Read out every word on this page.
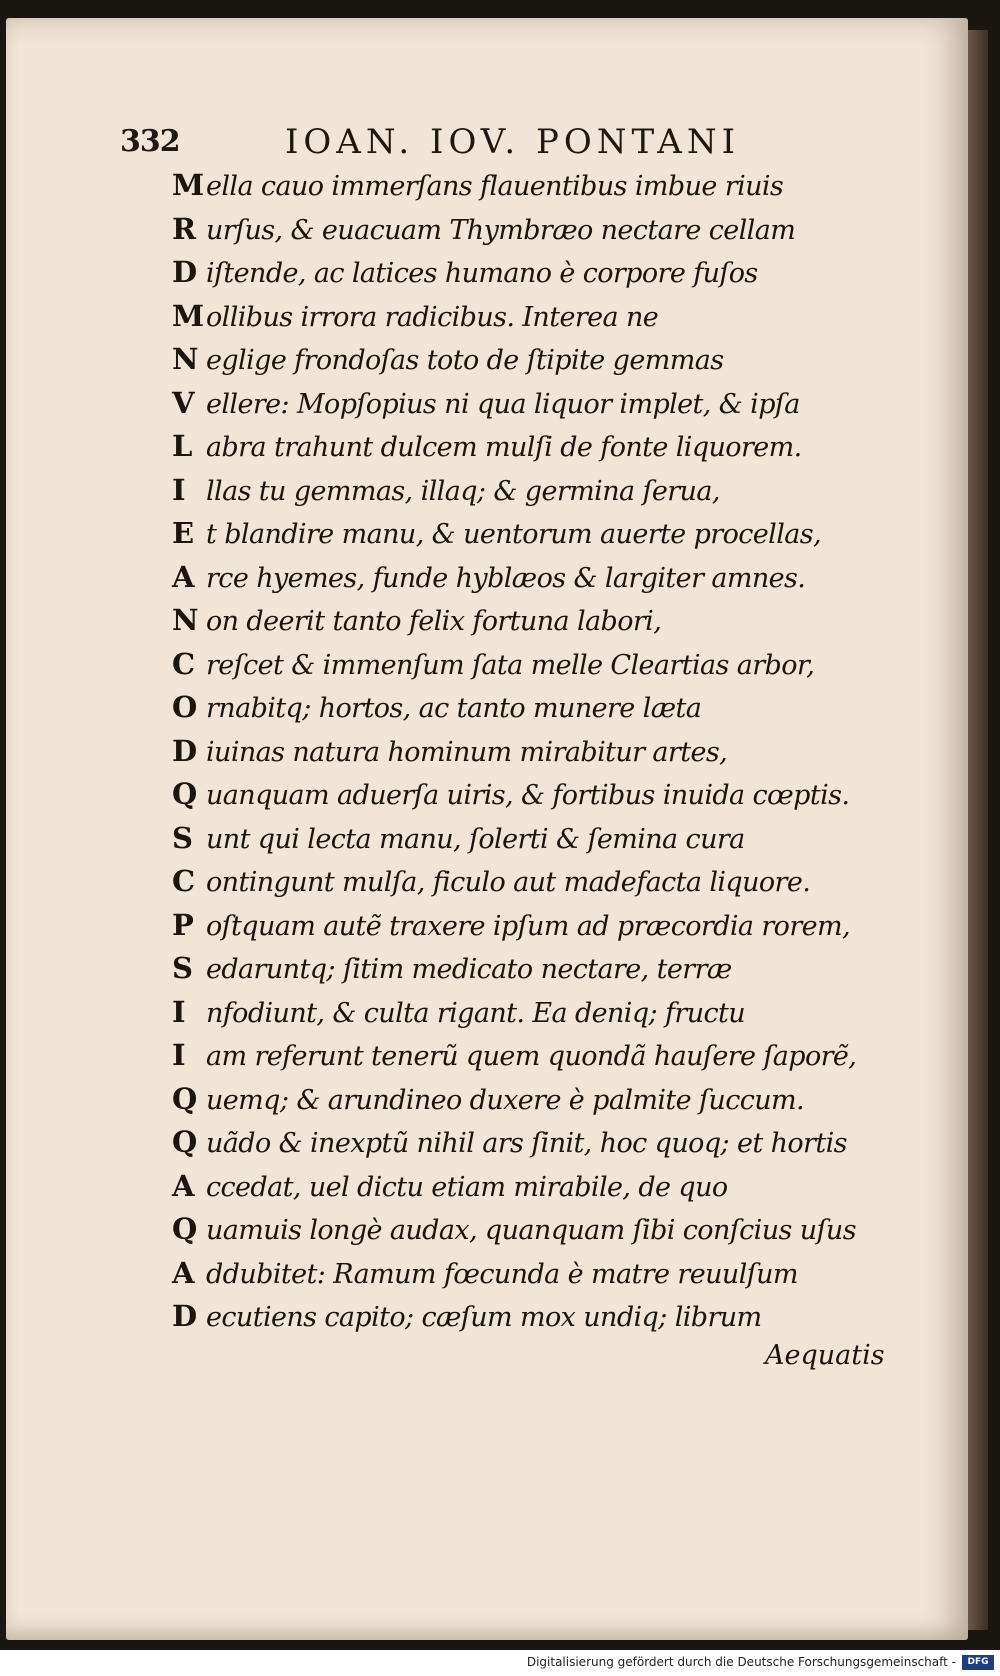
332	IOAN. IOV. PONTANI
Mella cauo immerſans flauentibus imbue riuis
R urſus, & euacuam Thymbræo nectare cellam
D iſtende, ac latices humano è corpore fuſos
Mollibus irrora radicibus. Interea ne
N eglige frondoſas toto de ſtipite gemmas
V ellere: Mopſopius ni qua liquor implet, & ipſa
L abra trahunt dulcem mulſi de fonte liquorem.
I llas tu gemmas, illaq; & germina ſerua,
E t blandire manu, & uentorum auerte procellas,
A rce hyemes, funde hyblæos & largiter amnes.
N on deerit tanto felix fortuna labori,
C reſcet & immenſum ſata melle Cleartias arbor,
O rnabitq; hortos, ac tanto munere læta
D iuinas natura hominum mirabitur artes,
Q uanquam aduerſa uiris, & fortibus inuida cœptis.
S unt qui lecta manu, ſolerti & ſemina cura
C ontingunt mulſa, ficulo aut madefacta liquore.
P oſtquam autẽ traxere ipſum ad præcordia rorem,
S edaruntq; ſitim medicato nectare, terræ
I nfodiunt, & culta rigant. Ea deniq; fructu
I am referunt tenerũ quem quondã hauſere ſaporẽ,
Q uemq; & arundineo duxere è palmite ſuccum.
Q uãdo & inexptũ nihil ars ſinit, hoc quoq; et hortis
A ccedat, uel dictu etiam mirabile, de quo
Q uamuis longè audax, quanquam ſibi conſcius uſus
A ddubitet: Ramum fœcunda è matre reuulſum
D ecutiens capito; cæſum mox undiq; librum
Aequatis
Digitalisierung gefördert durch die Deutsche Forschungsgemeinschaft -	DFG
